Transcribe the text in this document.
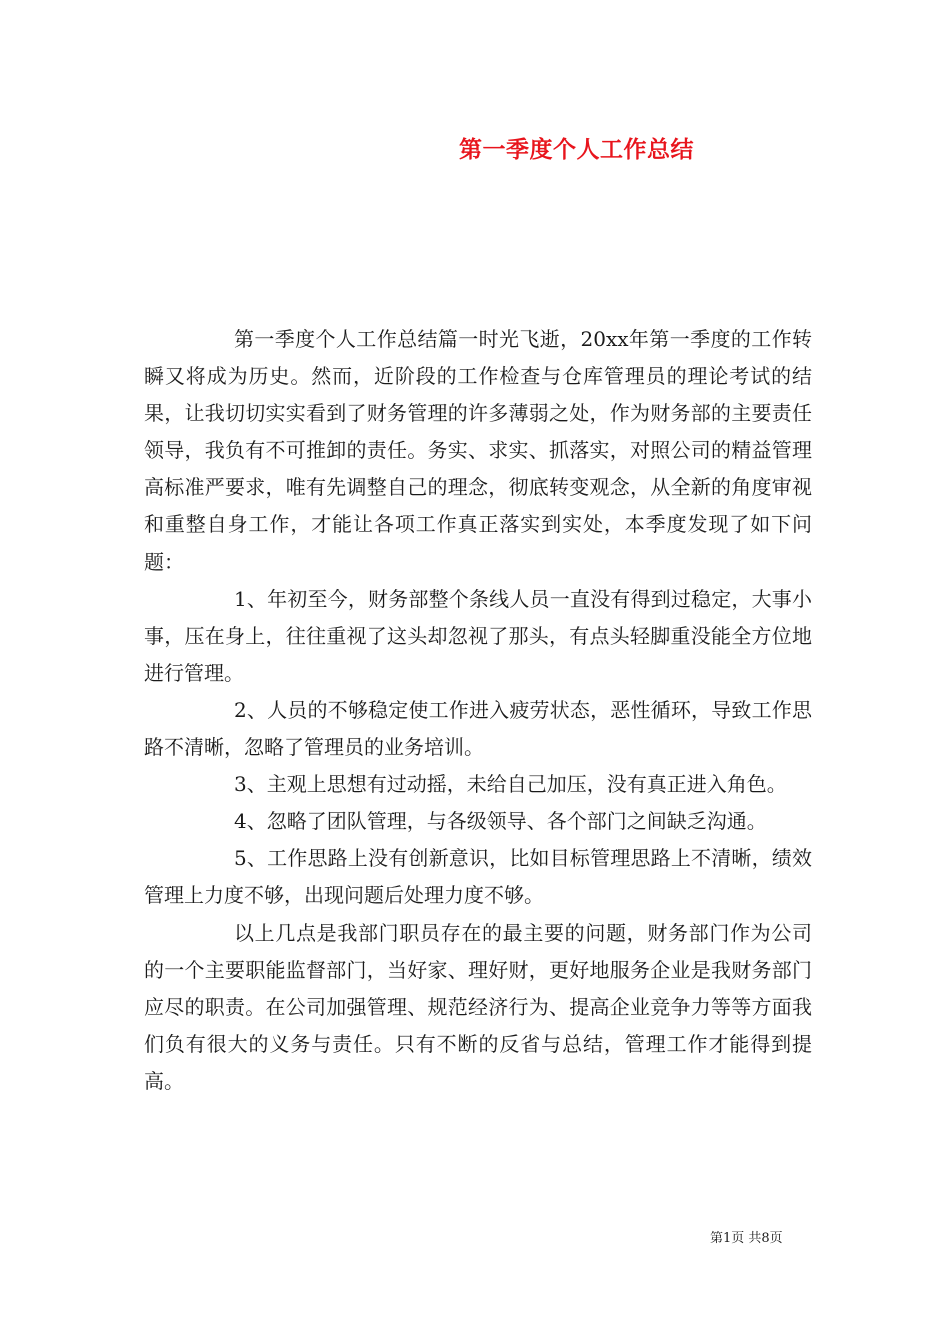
第一季度个人工作总结

第一季度个人工作总结篇一时光飞逝，20xx年第一季度的工作转瞬又将成为历史。然而，近阶段的工作检查与仓库管理员的理论考试的结果，让我切切实实看到了财务管理的许多薄弱之处，作为财务部的主要责任领导，我负有不可推卸的责任。务实、求实、抓落实，对照公司的精益管理高标准严要求，唯有先调整自己的理念，彻底转变观念，从全新的角度审视和重整自身工作，才能让各项工作真正落实到实处，本季度发现了如下问题：

1、年初至今，财务部整个条线人员一直没有得到过稳定，大事小事，压在身上，往往重视了这头却忽视了那头，有点头轻脚重没能全方位地进行管理。

2、人员的不够稳定使工作进入疲劳状态，恶性循环，导致工作思路不清晰，忽略了管理员的业务培训。

3、主观上思想有过动摇，未给自己加压，没有真正进入角色。

4、忽略了团队管理，与各级领导、各个部门之间缺乏沟通。

5、工作思路上没有创新意识，比如目标管理思路上不清晰，绩效管理上力度不够，出现问题后处理力度不够。

以上几点是我部门职员存在的最主要的问题，财务部门作为公司的一个主要职能监督部门，当好家、理好财，更好地服务企业是我财务部门应尽的职责。在公司加强管理、规范经济行为、提高企业竞争力等等方面我们负有很大的义务与责任。只有不断的反省与总结，管理工作才能得到提高。

第1页 共8页
